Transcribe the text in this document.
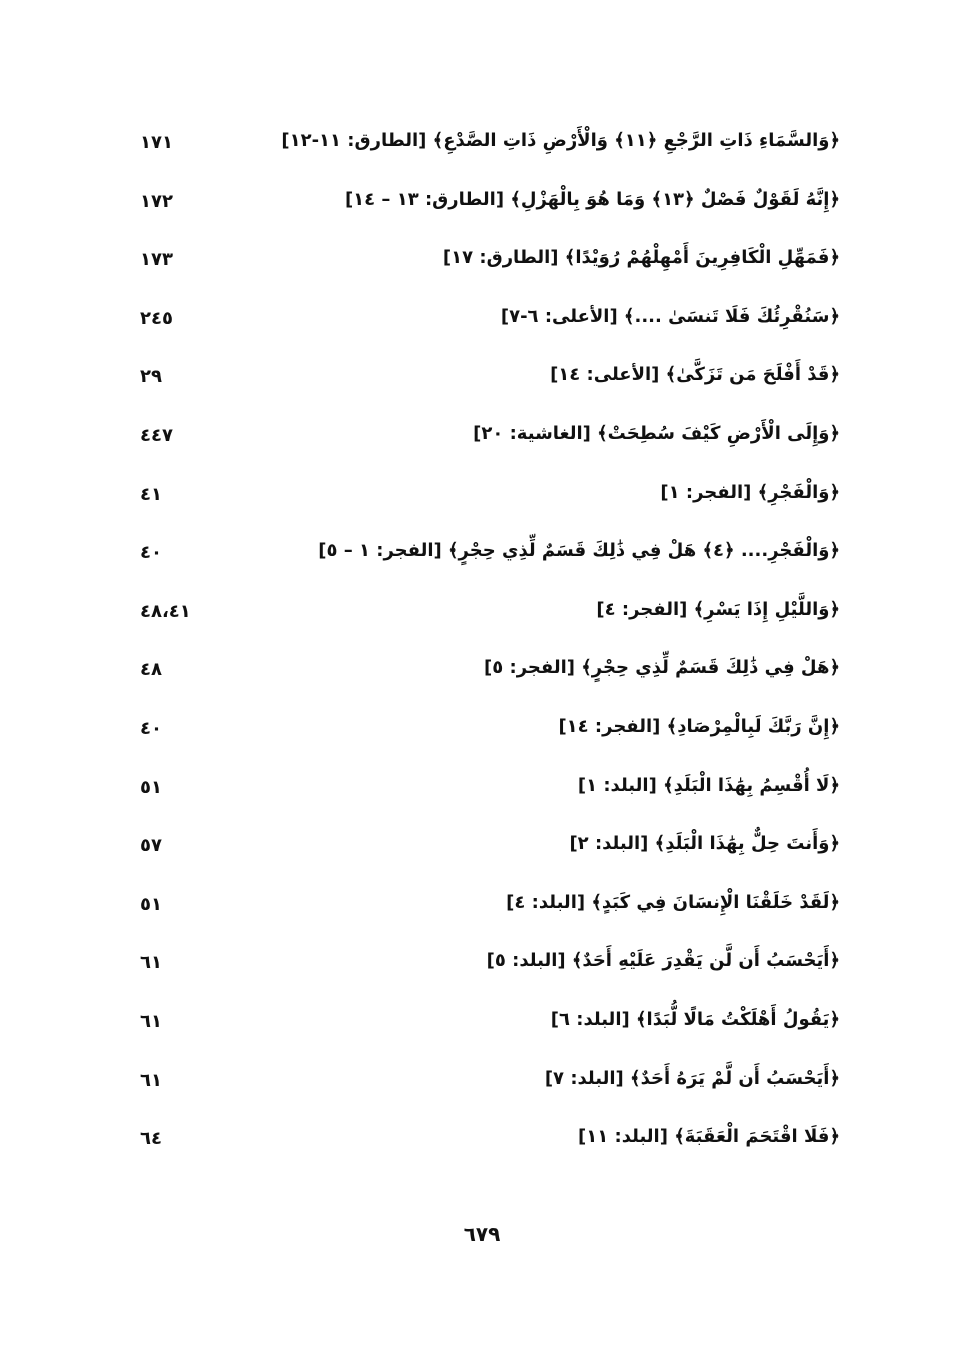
﴿وَالسَّمَاءِ ذَاتِ الرَّجْعِ ﴿١١﴾ وَالْأَرْضِ ذَاتِ الصَّدْعِ﴾ [الطارق: ١١-١٢]
١٧١
﴿إِنَّهُ لَقَوْلٌ فَصْلٌ ﴿١٣﴾ وَمَا هُوَ بِالْهَزْلِ﴾ [الطارق: ١٣ – ١٤]
١٧٢
﴿فَمَهِّلِ الْكَافِرِينَ أَمْهِلْهُمْ رُوَيْدًا﴾ [الطارق: ١٧]
١٧٣
﴿سَنُقْرِئُكَ فَلَا تَنسَىٰ ....﴾ [الأعلى: ٦-٧]
٢٤٥
﴿قَدْ أَفْلَحَ مَن تَزَكَّىٰ﴾ [الأعلى: ١٤]
٢٩
﴿وَإِلَى الْأَرْضِ كَيْفَ سُطِحَتْ﴾ [الغاشية: ٢٠]
٤٤٧
﴿وَالْفَجْرِ﴾ [الفجر: ١]
٤١
﴿وَالْفَجْرِ.... ﴿٤﴾ هَلْ فِي ذَٰلِكَ قَسَمٌ لِّذِي حِجْرٍ﴾ [الفجر: ١ – ٥]
٤٠
﴿وَاللَّيْلِ إِذَا يَسْرِ﴾ [الفجر: ٤]
٤٨،٤١
﴿هَلْ فِي ذَٰلِكَ قَسَمٌ لِّذِي حِجْرٍ﴾ [الفجر: ٥]
٤٨
﴿إِنَّ رَبَّكَ لَبِالْمِرْصَادِ﴾ [الفجر: ١٤]
٤٠
﴿لَا أُقْسِمُ بِهَٰذَا الْبَلَدِ﴾ [البلد: ١]
٥١
﴿وَأَنتَ حِلٌّ بِهَٰذَا الْبَلَدِ﴾ [البلد: ٢]
٥٧
﴿لَقَدْ خَلَقْنَا الْإِنسَانَ فِي كَبَدٍ﴾ [البلد: ٤]
٥١
﴿أَيَحْسَبُ أَن لَّن يَقْدِرَ عَلَيْهِ أَحَدٌ﴾ [البلد: ٥]
٦١
﴿يَقُولُ أَهْلَكْتُ مَالًا لُّبَدًا﴾ [البلد: ٦]
٦١
﴿أَيَحْسَبُ أَن لَّمْ يَرَهُ أَحَدٌ﴾ [البلد: ٧]
٦١
﴿فَلَا اقْتَحَمَ الْعَقَبَةَ﴾ [البلد: ١١]
٦٤
٦٧٩
